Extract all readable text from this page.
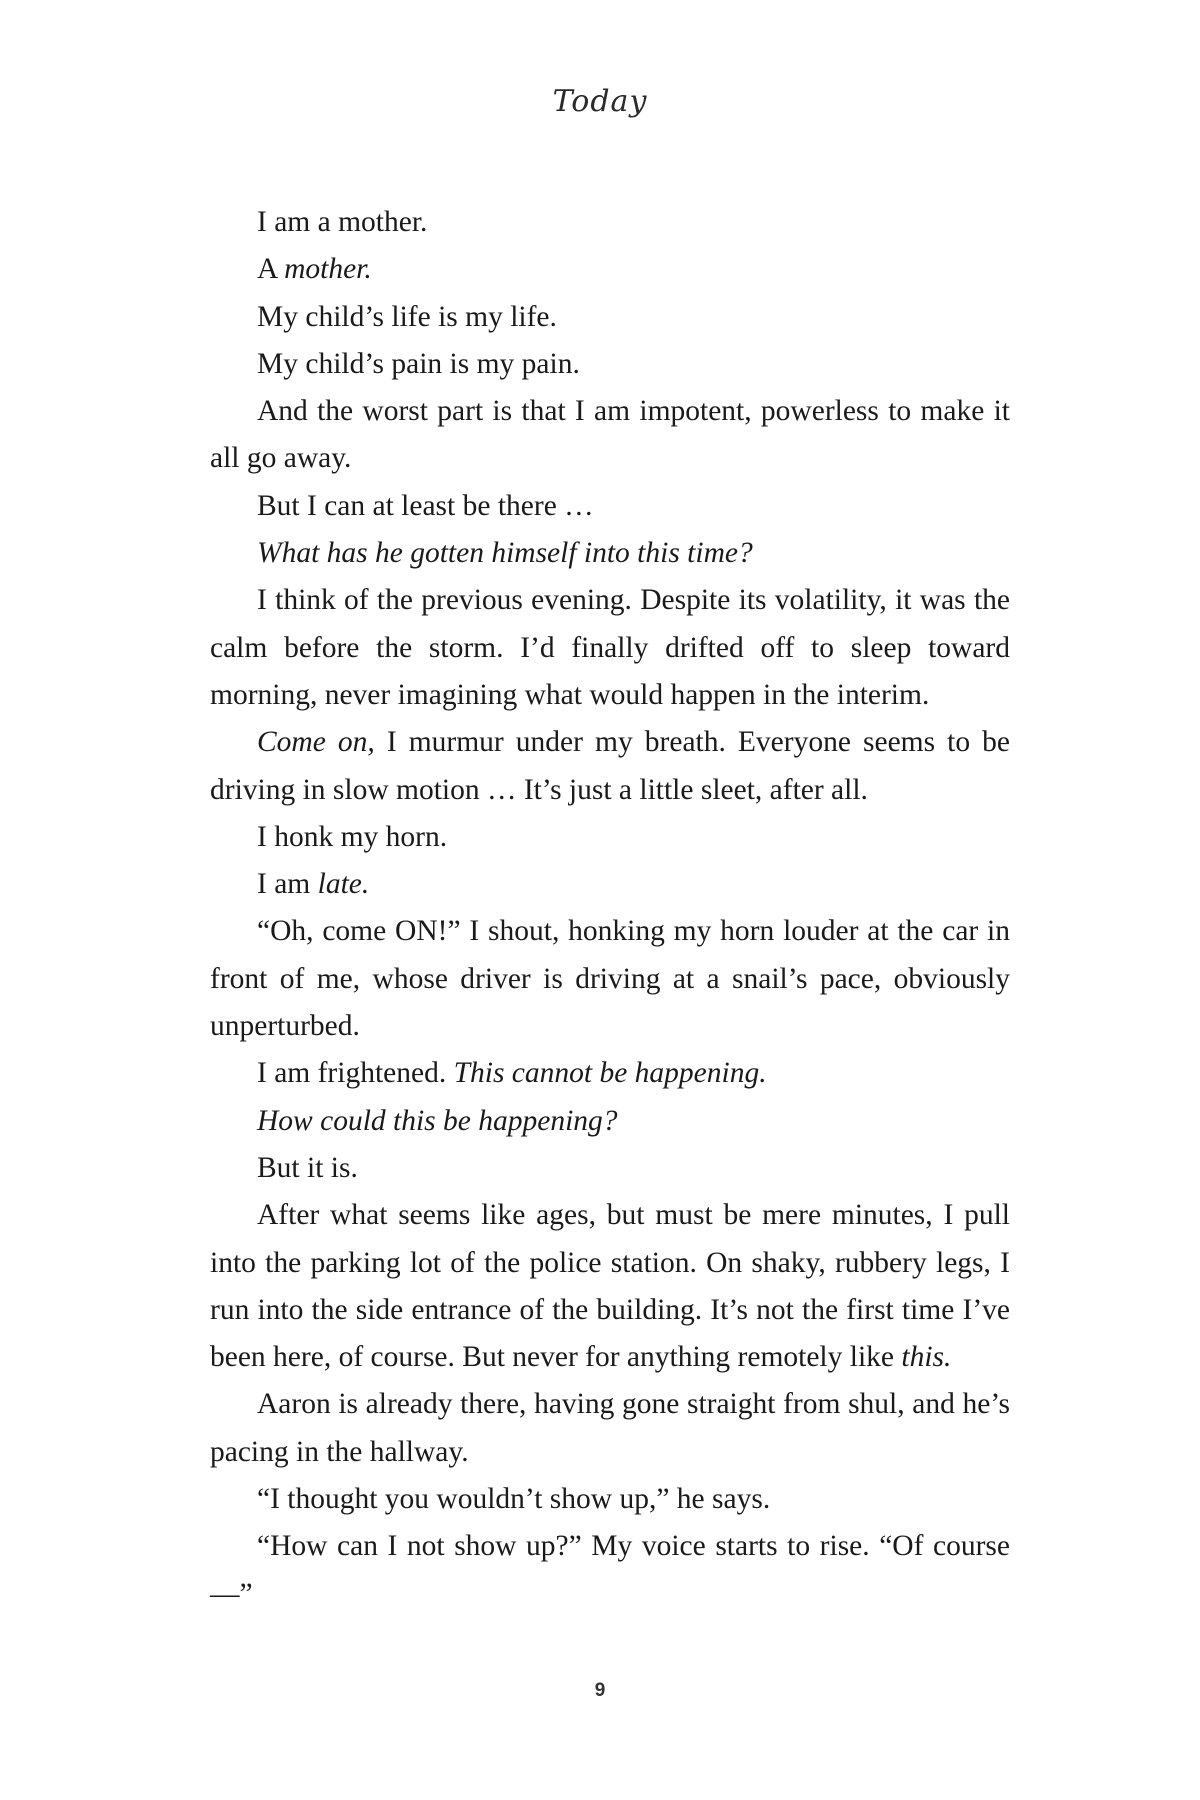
Today

I am a mother.

A mother.

My child’s life is my life.

My child’s pain is my pain.

And the worst part is that I am impotent, powerless to make it all go away.

But I can at least be there …

What has he gotten himself into this time?

I think of the previous evening. Despite its volatility, it was the calm before the storm. I’d finally drifted off to sleep toward morning, never imagining what would happen in the interim.

Come on, I murmur under my breath. Everyone seems to be driving in slow motion … It’s just a little sleet, after all.

I honk my horn.

I am late.

“Oh, come ON!” I shout, honking my horn louder at the car in front of me, whose driver is driving at a snail’s pace, obviously unperturbed.

I am frightened. This cannot be happening.

How could this be happening?

But it is.

After what seems like ages, but must be mere minutes, I pull into the parking lot of the police station. On shaky, rubbery legs, I run into the side entrance of the building. It’s not the first time I’ve been here, of course. But never for anything remotely like this.

Aaron is already there, having gone straight from shul, and he’s pacing in the hallway.

“I thought you wouldn’t show up,” he says.

“How can I not show up?” My voice starts to rise. “Of course —”

9
